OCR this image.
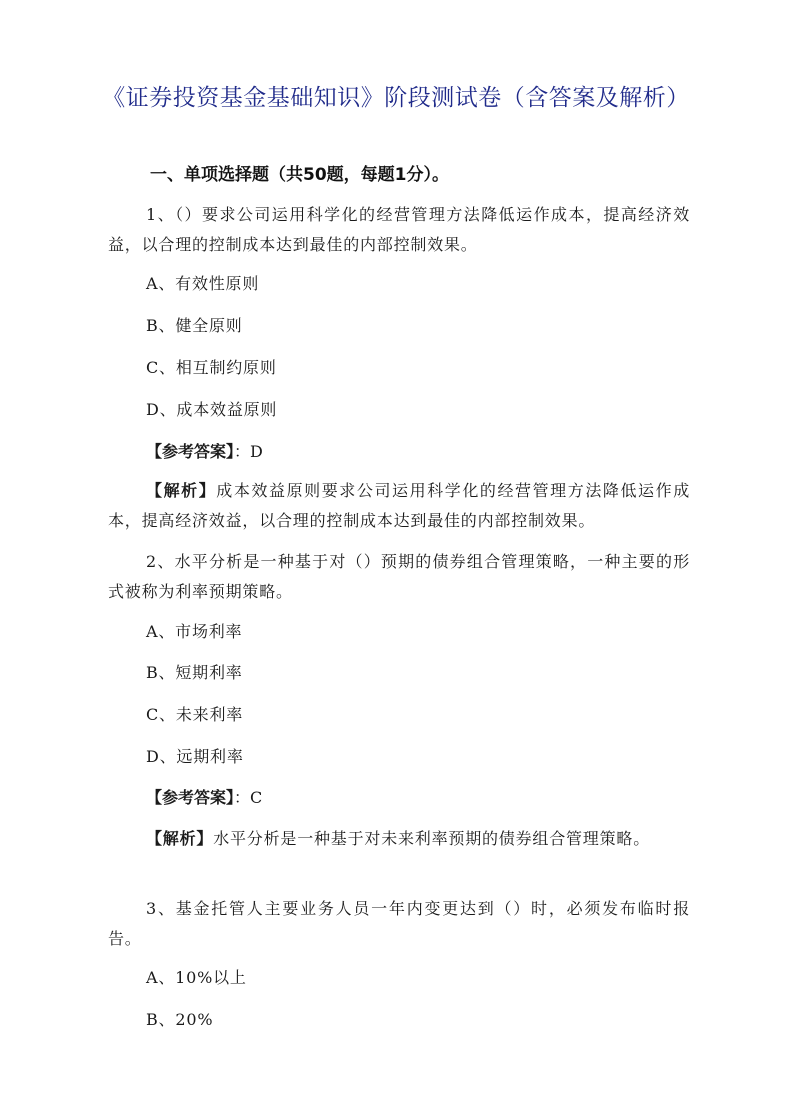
《证券投资基金基础知识》阶段测试卷（含答案及解析）
一、单项选择题（共50题，每题1分）。
1、（）要求公司运用科学化的经营管理方法降低运作成本，提高经济效益，以合理的控制成本达到最佳的内部控制效果。
A、有效性原则
B、健全原则
C、相互制约原则
D、成本效益原则
【参考答案】：D
【解析】成本效益原则要求公司运用科学化的经营管理方法降低运作成本，提高经济效益，以合理的控制成本达到最佳的内部控制效果。
2、水平分析是一种基于对（）预期的债券组合管理策略，一种主要的形式被称为利率预期策略。
A、市场利率
B、短期利率
C、未来利率
D、远期利率
【参考答案】：C
【解析】水平分析是一种基于对未来利率预期的债券组合管理策略。
3、基金托管人主要业务人员一年内变更达到（）时，必须发布临时报告。
A、10%以上
B、20%
